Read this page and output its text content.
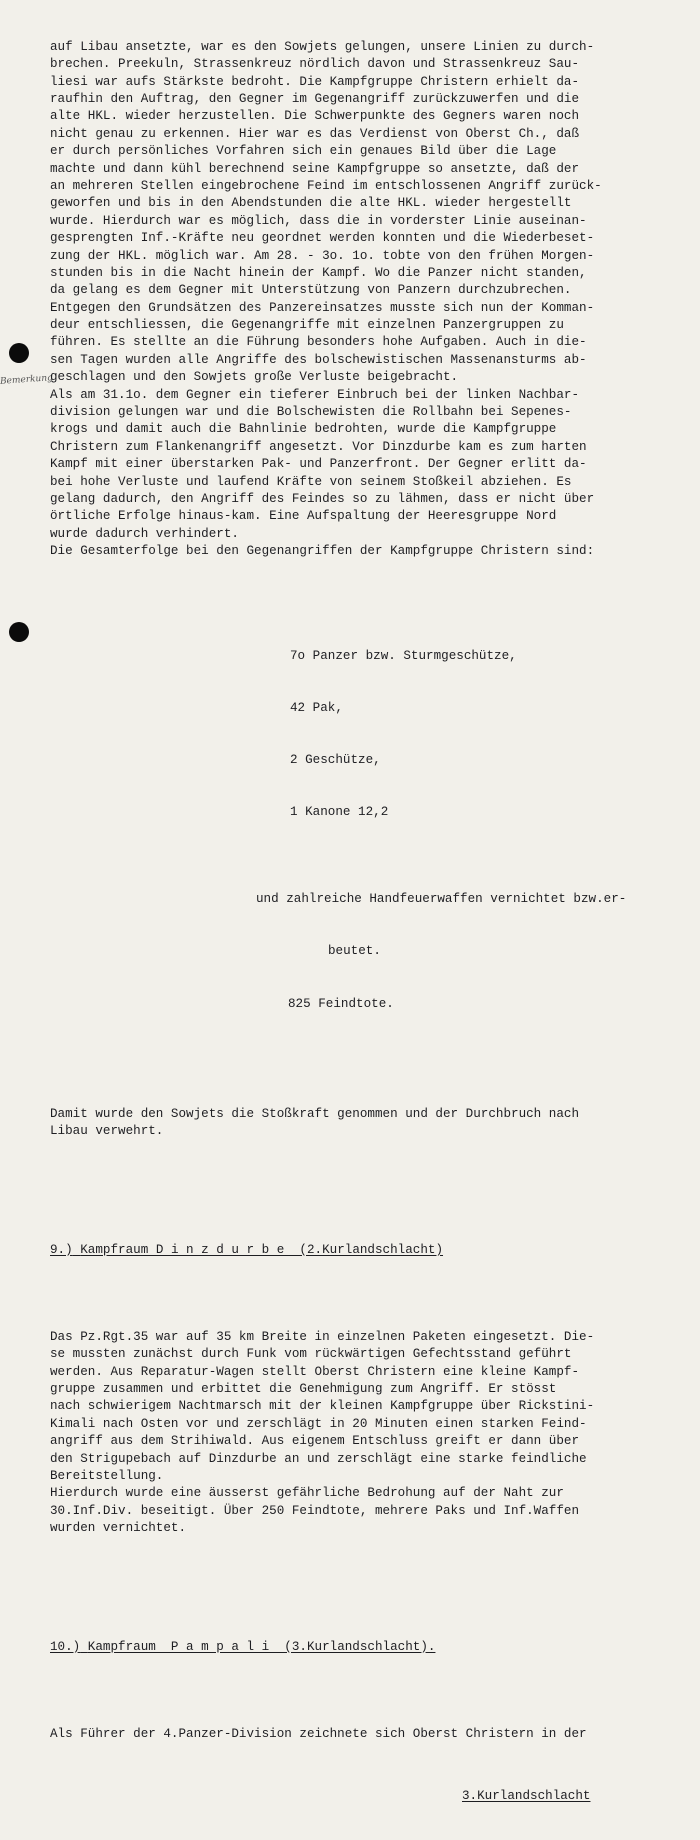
Bemerkung

auf Libau ansetzte, war es den Sowjets gelungen, unsere Linien zu durch-
brechen. Preekuln, Strassenkreuz nördlich davon und Strassenkreuz Sau-
liesi war aufs Stärkste bedroht. Die Kampfgruppe Christern erhielt da-
raufhin den Auftrag, den Gegner im Gegenangriff zurückzuwerfen und die
alte HKL. wieder herzustellen. Die Schwerpunkte des Gegners waren noch
nicht genau zu erkennen. Hier war es das Verdienst von Oberst Ch., daß
er durch persönliches Vorfahren sich ein genaues Bild über die Lage
machte und dann kühl berechnend seine Kampfgruppe so ansetzte, daß der
an mehreren Stellen eingebrochene Feind im entschlossenen Angriff zurück-
geworfen und bis in den Abendstunden die alte HKL. wieder hergestellt
wurde. Hierdurch war es möglich, dass die in vorderster Linie auseinan-
gesprengten Inf.-Kräfte neu geordnet werden konnten und die Wiederbeset-
zung der HKL. möglich war. Am 28. - 3o. 1o. tobte von den frühen Morgen-
stunden bis in die Nacht hinein der Kampf. Wo die Panzer nicht standen,
da gelang es dem Gegner mit Unterstützung von Panzern durchzubrechen.
Entgegen den Grundsätzen des Panzereinsatzes musste sich nun der Komman-
deur entschliessen, die Gegenangriffe mit einzelnen Panzergruppen zu
führen. Es stellte an die Führung besonders hohe Aufgaben. Auch in die-
sen Tagen wurden alle Angriffe des bolschewistischen Massenansturms ab-
geschlagen und den Sowjets große Verluste beigebracht.
Als am 31.1o. dem Gegner ein tieferer Einbruch bei der linken Nachbar-
division gelungen war und die Bolschewisten die Rollbahn bei Sepenes-
krogs und damit auch die Bahnlinie bedrohten, wurde die Kampfgruppe
Christern zum Flankenangriff angesetzt. Vor Dinzdurbe kam es zum harten
Kampf mit einer überstarken Pak- und Panzerfront. Der Gegner erlitt da-
bei hohe Verluste und laufend Kräfte von seinem Stoßkeil abziehen. Es
gelang dadurch, den Angriff des Feindes so zu lähmen, dass er nicht über
örtliche Erfolge hinaus-kam. Eine Aufspaltung der Heeresgruppe Nord
wurde dadurch verhindert.
Die Gesamterfolge bei den Gegenangriffen der Kampfgruppe Christern sind:

7o Panzer bzw. Sturmgeschütze,

42 Pak,

2 Geschütze,

1 Kanone 12,2

und zahlreiche Handfeuerwaffen vernichtet bzw.er-

beutet.

825 Feindtote.

Damit wurde den Sowjets die Stoßkraft genommen und der Durchbruch nach
Libau verwehrt.

9.) Kampfraum D i n z d u r b e  (2.Kurlandschlacht)

Das Pz.Rgt.35 war auf 35 km Breite in einzelnen Paketen eingesetzt. Die-
se mussten zunächst durch Funk vom rückwärtigen Gefechtsstand geführt
werden. Aus Reparatur-Wagen stellt Oberst Christern eine kleine Kampf-
gruppe zusammen und erbittet die Genehmigung zum Angriff. Er stösst
nach schwierigem Nachtmarsch mit der kleinen Kampfgruppe über Rickstini-
Kimali nach Osten vor und zerschlägt in 20 Minuten einen starken Feind-
angriff aus dem Strihiwald. Aus eigenem Entschluss greift er dann über
den Strigupebach auf Dinzdurbe an und zerschlägt eine starke feindliche
Bereitstellung.
Hierdurch wurde eine äusserst gefährliche Bedrohung auf der Naht zur
30.Inf.Div. beseitigt. Über 250 Feindtote, mehrere Paks und Inf.Waffen
wurden vernichtet.

10.) Kampfraum  P a m p a l i  (3.Kurlandschlacht).

Als Führer der 4.Panzer-Division zeichnete sich Oberst Christern in der

3.Kurlandschlacht
